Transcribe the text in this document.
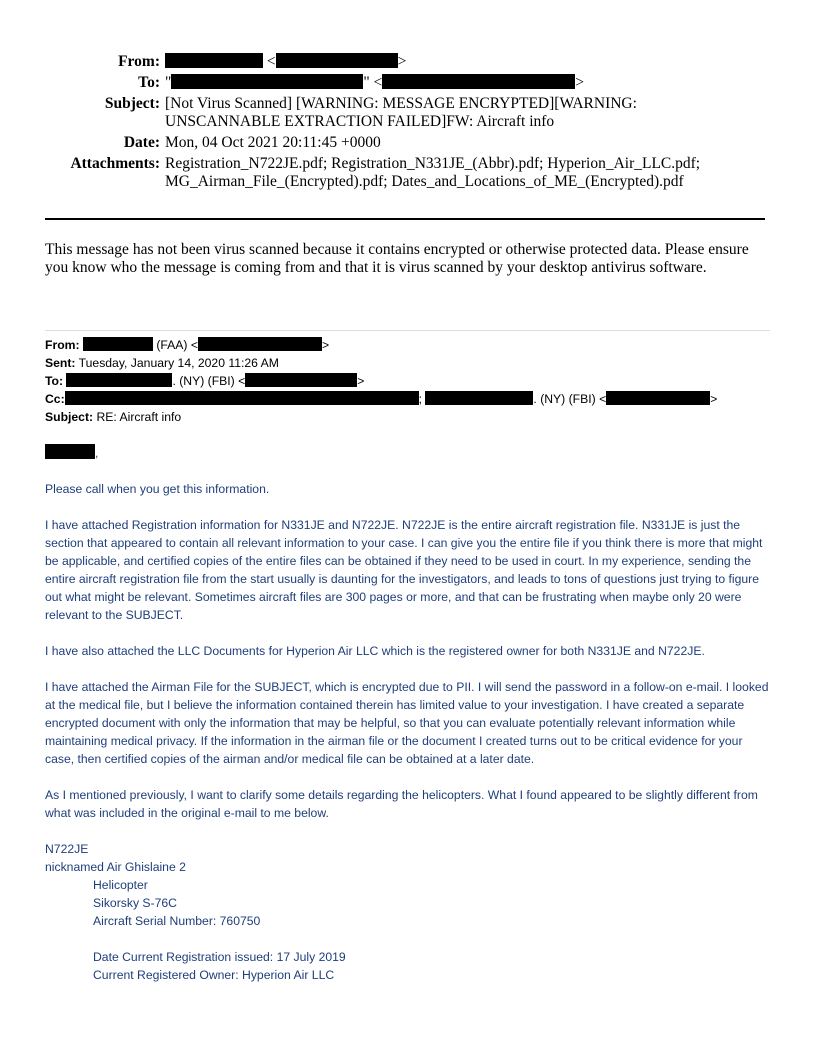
From:	<	>
To: "	" <	>
Subject: [Not Virus Scanned] [WARNING: MESSAGE ENCRYPTED][WARNING: UNSCANNABLE EXTRACTION FAILED]FW: Aircraft info
Date: Mon, 04 Oct 2021 20:11:45 +0000
Attachments: Registration_N722JE.pdf; Registration_N331JE_(Abbr).pdf; Hyperion_Air_LLC.pdf; MG_Airman_File_(Encrypted).pdf; Dates_and_Locations_of_ME_(Encrypted).pdf
This message has not been virus scanned because it contains encrypted or otherwise protected data. Please ensure you know who the message is coming from and that it is virus scanned by your desktop antivirus software.
From:	(FAA) <	>
Sent: Tuesday, January 14, 2020 11:26 AM
To:	. (NY) (FBI) <	>
Cc:	;	. (NY) (FBI) <	>
Subject: RE: Aircraft info

,

Please call when you get this information.

I have attached Registration information for N331JE and N722JE. N722JE is the entire aircraft registration file. N331JE is just the section that appeared to contain all relevant information to your case. I can give you the entire file if you think there is more that might be applicable, and certified copies of the entire files can be obtained if they need to be used in court. In my experience, sending the entire aircraft registration file from the start usually is daunting for the investigators, and leads to tons of questions just trying to figure out what might be relevant. Sometimes aircraft files are 300 pages or more, and that can be frustrating when maybe only 20 were relevant to the SUBJECT.

I have also attached the LLC Documents for Hyperion Air LLC which is the registered owner for both N331JE and N722JE.

I have attached the Airman File for the SUBJECT, which is encrypted due to PII. I will send the password in a follow-on e-mail. I looked at the medical file, but I believe the information contained therein has limited value to your investigation. I have created a separate encrypted document with only the information that may be helpful, so that you can evaluate potentially relevant information while maintaining medical privacy. If the information in the airman file or the document I created turns out to be critical evidence for your case, then certified copies of the airman and/or medical file can be obtained at a later date.

As I mentioned previously, I want to clarify some details regarding the helicopters. What I found appeared to be slightly different from what was included in the original e-mail to me below.

N722JE
nicknamed Air Ghislaine 2
Helicopter
Sikorsky S-76C
Aircraft Serial Number: 760750
Date Current Registration issued: 17 July 2019
Current Registered Owner: Hyperion Air LLC
